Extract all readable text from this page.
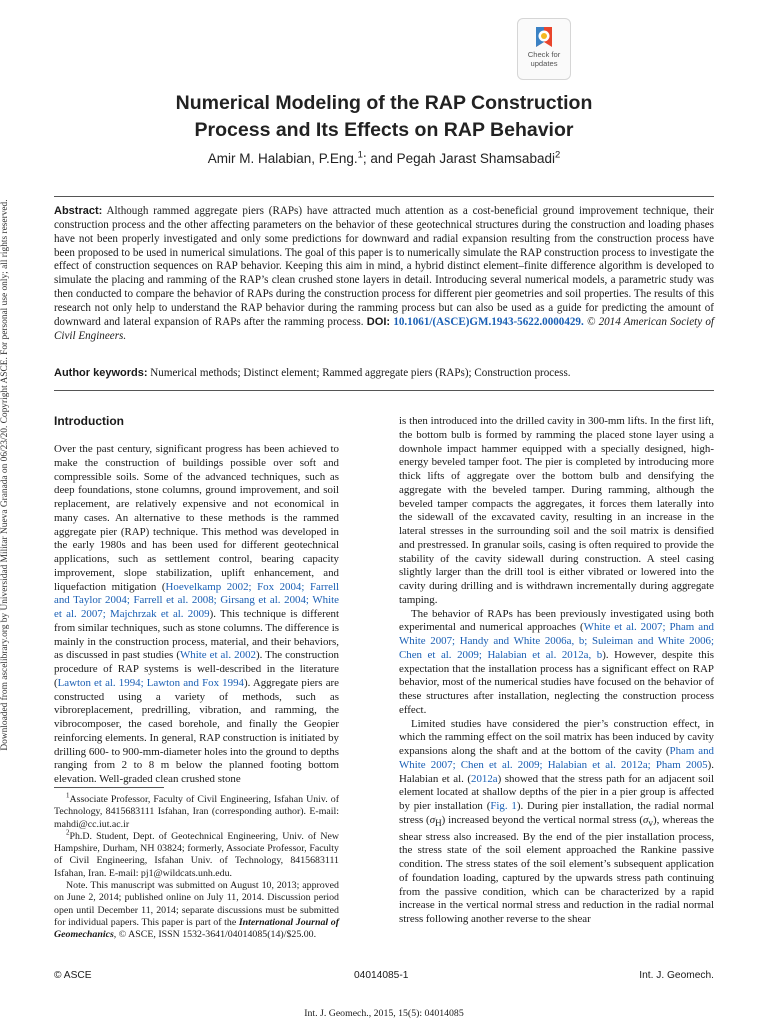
Downloaded from ascelibrary.org by Universidad Militar Nueva Granada on 06/23/20. Copyright ASCE. For personal use only; all rights reserved.
Check for
updates
Numerical Modeling of the RAP Construction
Process and Its Effects on RAP Behavior
Amir M. Halabian, P.Eng.$^1$; and Pegah Jarast Shamsabadi$^2$
Abstract: Although rammed aggregate piers (RAPs) have attracted much attention as a cost-beneficial ground improvement technique, their construction process and the other affecting parameters on the behavior of these geotechnical structures during the construction and loading phases have not been properly investigated and only some predictions for downward and radial expansion resulting from the construction process have been proposed to be used in numerical simulations. The goal of this paper is to numerically simulate the RAP construction process to investigate the effect of construction sequences on RAP behavior. Keeping this aim in mind, a hybrid distinct element–finite difference algorithm is developed to simulate the placing and ramming of the RAP’s clean crushed stone layers in detail. Introducing several numerical models, a parametric study was then conducted to compare the behavior of RAPs during the construction process for different pier geometries and soil properties. The results of this research not only help to understand the RAP behavior during the ramming process but can also be used as a guide for predicting the amount of downward and lateral expansion of RAPs after the ramming process. DOI: 10.1061/(ASCE)GM.1943-5622.0000429. © 2014 American Society of Civil Engineers.
Author keywords: Numerical methods; Distinct element; Rammed aggregate piers (RAPs); Construction process.
Introduction

Over the past century, significant progress has been achieved to make the construction of buildings possible over soft and compressible soils. Some of the advanced techniques, such as deep foundations, stone columns, ground improvement, and soil replacement, are relatively expensive and not economical in many cases. An alternative to these methods is the rammed aggregate pier (RAP) technique. This method was developed in the early 1980s and has been used for different geotechnical applications, such as settlement control, bearing capacity improvement, slope stabilization, uplift enhancement, and liquefaction mitigation (Hoevelkamp 2002; Fox 2004; Farrell and Taylor 2004; Farrell et al. 2008; Girsang et al. 2004; White et al. 2007; Majchrzak et al. 2009). This technique is different from similar techniques, such as stone columns. The difference is mainly in the construction process, material, and their behaviors, as discussed in past studies (White et al. 2002). The construction procedure of RAP systems is well-described in the literature (Lawton et al. 1994; Lawton and Fox 1994). Aggregate piers are constructed using a variety of methods, such as vibroreplacement, predrilling, vibration, and ramming, the vibrocomposer, the cased borehole, and finally the Geopier reinforcing elements. In general, RAP construction is initiated by drilling 600- to 900-mm-diameter holes into the ground to depths ranging from 2 to 8 m below the planned footing bottom elevation. Well-graded clean crushed stone

$^1$Associate Professor, Faculty of Civil Engineering, Isfahan Univ. of Technology, 8415683111 Isfahan, Iran (corresponding author). E-mail: mahdi@cc.iut.ac.ir

$^2$Ph.D. Student, Dept. of Geotechnical Engineering, Univ. of New Hampshire, Durham, NH 03824; formerly, Associate Professor, Faculty of Civil Engineering, Isfahan Univ. of Technology, 8415683111 Isfahan, Iran. E-mail: pj1@wildcats.unh.edu.

Note. This manuscript was submitted on August 10, 2013; approved on June 2, 2014; published online on July 11, 2014. Discussion period open until December 11, 2014; separate discussions must be submitted for individual papers. This paper is part of the International Journal of Geomechanics, © ASCE, ISSN 1532-3641/04014085(14)/$25.00.

is then introduced into the drilled cavity in 300-mm lifts. In the first lift, the bottom bulb is formed by ramming the placed stone layer using a downhole impact hammer equipped with a specially designed, high-energy beveled tamper foot. The pier is completed by introducing more thick lifts of aggregate over the bottom bulb and densifying the aggregate with the beveled tamper. During ramming, although the beveled tamper compacts the aggregates, it forces them laterally into the sidewall of the excavated cavity, resulting in an increase in the lateral stresses in the surrounding soil and the soil matrix is densified and prestressed. In granular soils, casing is often required to provide the stability of the cavity sidewall during construction. A steel casing slightly larger than the drill tool is either vibrated or lowered into the cavity during drilling and is withdrawn incrementally during aggregate tamping.

The behavior of RAPs has been previously investigated using both experimental and numerical approaches (White et al. 2007; Pham and White 2007; Handy and White 2006a, b; Suleiman and White 2006; Chen et al. 2009; Halabian et al. 2012a, b). However, despite this expectation that the installation process has a significant effect on RAP behavior, most of the numerical studies have focused on the behavior of these structures after installation, neglecting the construction process effect.

Limited studies have considered the pier’s construction effect, in which the ramming effect on the soil matrix has been induced by cavity expansions along the shaft and at the bottom of the cavity (Pham and White 2007; Chen et al. 2009; Halabian et al. 2012a; Pham 2005). Halabian et al. (2012a) showed that the stress path for an adjacent soil element located at shallow depths of the pier in a pier group is affected by pier installation (Fig. 1). During pier installation, the radial normal stress $(\sigma_H)$ increased beyond the vertical normal stress $(\sigma_v)$, whereas the shear stress also increased. By the end of the pier installation process, the stress state of the soil element approached the Rankine passive condition. The stress states of the soil element’s subsequent application of foundation loading, captured by the upwards stress path continuing from the passive condition, which can be characterized by a rapid increase in the vertical normal stress and reduction in the radial normal stress following another reverse to the shear

© ASCE	04014085-1	Int. J. Geomech.
Int. J. Geomech., 2015, 15(5): 04014085
